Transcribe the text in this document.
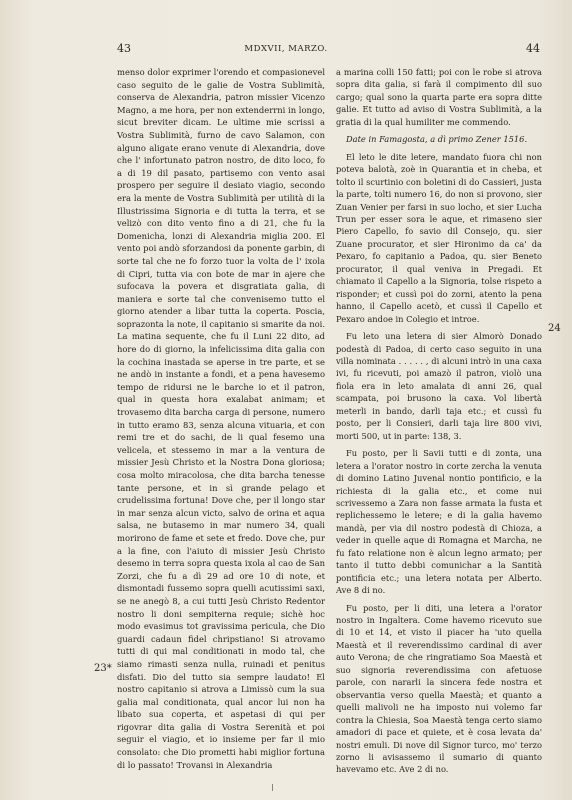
43	MDXVII, MARZO.	44

menso dolor exprimer l'orendo et compasionevel caso seguito de le galie de Vostra Sublimità, conserva de Alexandria, patron missier Vicenzo Magno, a me hora, per non extenderrni in longo, sicut breviter dicam. Le ultime mie scrissi a Vostra Sublimità, furno de cavo Salamon, con alguno aligate erano venute di Alexandria, dove che l' infortunato patron nostro, de dito loco, fo a di 19 dil pasato, partisemo con vento asai prospero per seguire il desiato viagio, secondo era la mente de Vostra Sublimità per utilità di la Illustrissima Signoria e di tutta la terra, et se velizò con dito vento fino a di 21, che fu la Domenicha, lonzi di Alexandria miglia 200. El vento poi andò sforzandosi da ponente garbin, di sorte tal che ne fo forzo tuor la volta de l' ixola di Cipri, tutta via con bote de mar in ajere che sufocava la povera et disgratiata galia, di maniera e sorte tal che convenisemo tutto el giorno atender a libar tutta la coperta. Poscia, soprazonta la note, il capitanio si smarite da noi. La matina sequente, che fu il Luni 22 dito, ad hore do di giorno, la infelicissima dita galia con la cochina inastada se aperse in tre parte, et se ne andò in instante a fondi, et a pena havesemo tempo de ridursi ne le barche io et il patron, qual in questa hora exalabat animam; et trovasemo dita barcha carga di persone, numero in tutto eramo 83, senza alcuna vituaria, et con remi tre et do sachi, de li qual fesemo una velicela, et stessemo in mar a la ventura de missier Jesù Christo et la Nostra Dona gloriosa; cosa molto miracolosa, che dita barcha tenesse tante persone, et in sì grande pelago et crudelissima fortuna! Dove che, per il longo star in mar senza alcun victo, salvo de orina et aqua salsa, ne butasemo in mar numero 34, quali morirono de fame et sete et fredo. Dove che, pur a la fine, con l'aiuto di missier Jesù Christo desemo in terra sopra questa ixola al cao de San Zorzi, che fu a dì 29 ad ore 10 di note, et dismontadi fussemo sopra quelli acutissimi saxi, se ne anegò 8, a cui tutti Jesù Christo Redentor nostro li doni sempiterna requie; sichè hoc modo evasimus tot gravissima pericula, che Dio guardi cadaun fidel chripstiano! Si atrovamo tutti di qui mal conditionati in modo tal, che siamo rimasti senza nulla, ruinadi et penitus disfati. Dio del tutto sia sempre laudato! El nostro capitanio si atrova a Limissò cum la sua galia mal conditionata, qual ancor lui non ha libato sua coperta, et aspetasi di qui per rigovrar dita galia di Vostra Serenità et poi seguir el viagio, et io insieme per far il mio consolato: che Dio prometti habi miglior fortuna di lo passato! Trovansi in Alexandria

a marina colli 150 fatti; poi con le robe si atrova sopra dita galia, si farà il compimento dil suo cargo; qual sono la quarta parte era sopra ditte galie. Et tutto ad aviso di Vostra Sublimità, a la gratia di la qual humiliter me commendo.

Date in Famagosta, a dì primo Zener 1516.

El leto le dite letere, mandato fuora chi non poteva balotà, zoè in Quarantia et in cheba, et tolto il scurtinio con boletini di do Cassieri, justa la parte, tolti numero 16, do non si provono, sier Zuan Venier per farsi in suo locho, et sier Lucha Trun per esser sora le aque, et rimaseno sier Piero Capello, fo savio dil Consejo, qu. sier Zuane procurator, et sier Hironimo da ca' da Pexaro, fo capitanio a Padoa, qu. sier Beneto procurator, il qual veniva in Pregadi. Et chiamato il Capello a la Signoria, tolse rispeto a risponder; et cussì poi do zorni, atento la pena hanno, il Capello acetò, et cussì il Capello et Pexaro andoe in Colegio et introe.

Fu leto una letera di sier Almorò Donado podestà di Padoa, di certo caso seguito in una villa nominata . . . . . , di alcuni intrò in una caxa ivi, fu ricevuti, poi amazò il patron, violò una fiola era in leto amalata di anni 26, qual scampata, poi brusono la caxa. Vol libertà meterli in bando, darli taja etc.; et cussì fu posto, per li Consieri, darli taja lire 800 vivi, morti 500, ut in parte: 138, 3.

Fu posto, per li Savii tutti e di zonta, una letera a l'orator nostro in corte zercha la venuta di domino Latino Juvenal nontio pontificio, e la richiesta di la galia etc., et come nui scrivessemo a Zara non fasse armata la fusta et replichessemo le letere; e di la galia havemo mandà, per via dil nostro podestà di Chioza, a veder in quelle aque di Romagna et Marcha, ne fu fato relatione non è alcun legno armato; per tanto il tutto debbi comunichar a la Santità pontificia etc.; una letera notata per Alberto. Ave 8 di no.

Fu posto, per li diti, una letera a l'orator nostro in Ingaltera. Come havemo ricevuto sue di 10 et 14, et visto il piacer ha 'uto quella Maestà et il reverendissimo cardinal di aver auto Verona; de che ringratiamo Soa Maestà et suo signoria reverendissima con afetuose parole, con nararli la sincera fede nostra et observantia verso quella Maestà; et quanto a quelli malivoli ne ha imposto nui volemo far contra la Chiesia, Soa Maestà tenga certo siamo amadori di pace et quiete, et è cosa levata da' nostri emuli. Di nove dil Signor turco, mo' terzo zorno li avisassemo il sumario di quanto havevamo etc. Ave 2 di no.

23*
24
